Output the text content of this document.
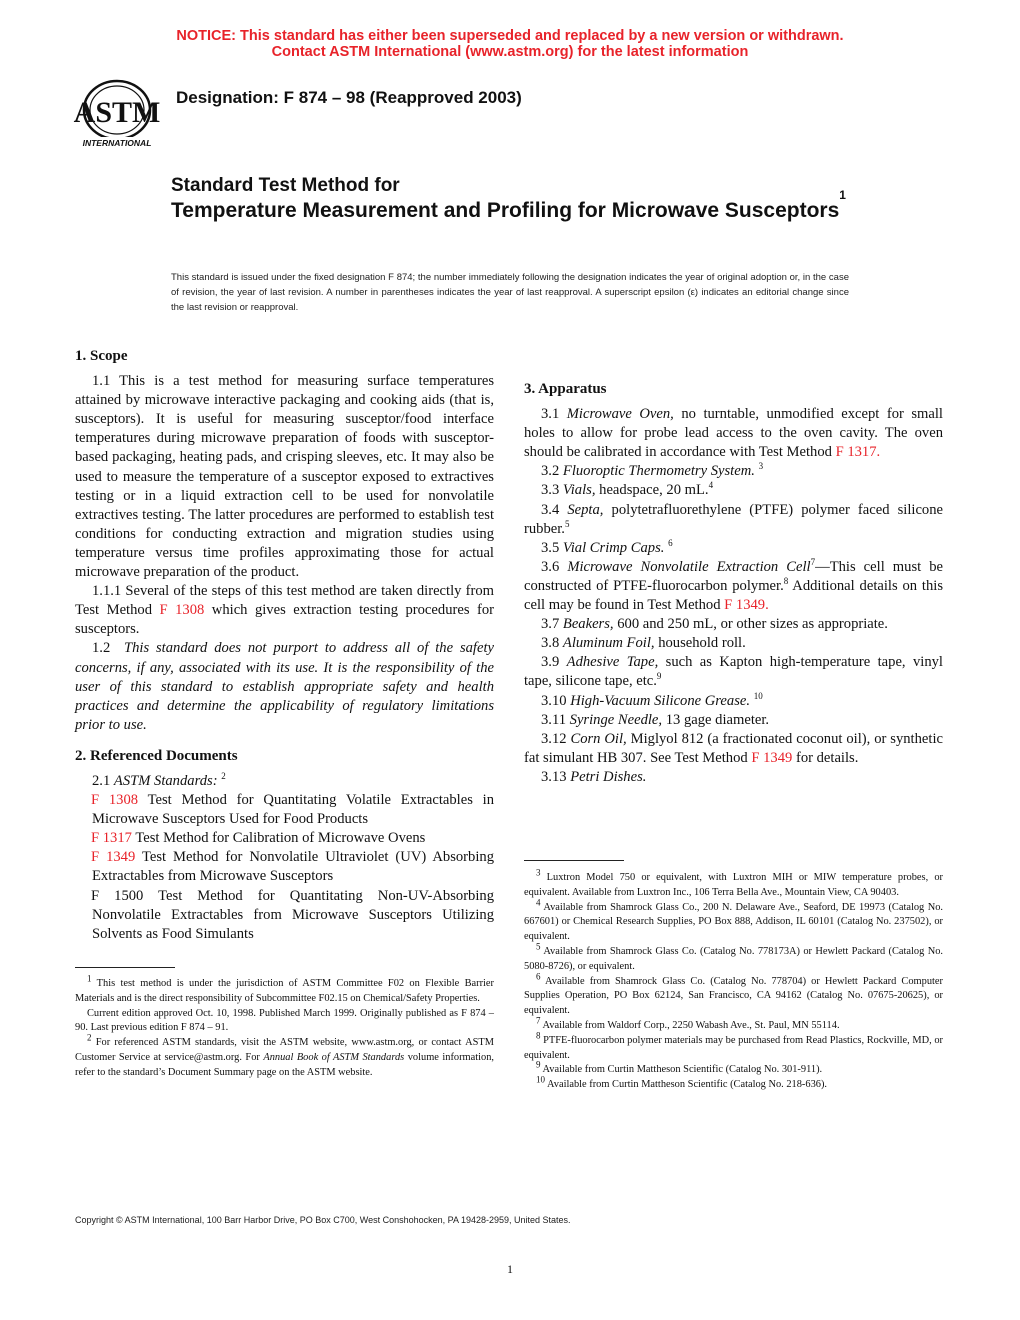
NOTICE: This standard has either been superseded and replaced by a new version or withdrawn.
Contact ASTM International (www.astm.org) for the latest information
ASTM
INTERNATIONAL
Designation: F 874 – 98 (Reapproved 2003)
Standard Test Method for
Temperature Measurement and Profiling for Microwave Susceptors$^1$
This standard is issued under the fixed designation F 874; the number immediately following the designation indicates the year of original adoption or, in the case of revision, the year of last revision. A number in parentheses indicates the year of last reapproval. A superscript epsilon (ε) indicates an editorial change since the last revision or reapproval.

1. Scope

1.1 This is a test method for measuring surface temperatures attained by microwave interactive packaging and cooking aids (that is, susceptors). It is useful for measuring susceptor/food interface temperatures during microwave preparation of foods with susceptor-based packaging, heating pads, and crisping sleeves, etc. It may also be used to measure the temperature of a susceptor exposed to extractives testing or in a liquid extraction cell to be used for nonvolatile extractives testing. The latter procedures are performed to establish test conditions for conducting extraction and migration studies using temperature versus time profiles approximating those for actual microwave preparation of the product.

1.1.1 Several of the steps of this test method are taken directly from Test Method F 1308 which gives extraction testing procedures for susceptors.

1.2 This standard does not purport to address all of the safety concerns, if any, associated with its use. It is the responsibility of the user of this standard to establish appropriate safety and health practices and determine the applicability of regulatory limitations prior to use.

2. Referenced Documents

2.1 ASTM Standards: $^2$

F 1308 Test Method for Quantitating Volatile Extractables in Microwave Susceptors Used for Food Products

F 1317 Test Method for Calibration of Microwave Ovens

F 1349 Test Method for Nonvolatile Ultraviolet (UV) Absorbing Extractables from Microwave Susceptors

F 1500 Test Method for Quantitating Non-UV-Absorbing Nonvolatile Extractables from Microwave Susceptors Utilizing Solvents as Food Simulants

$^1$ This test method is under the jurisdiction of ASTM Committee F02 on Flexible Barrier Materials and is the direct responsibility of Subcommittee F02.15 on Chemical/Safety Properties.

Current edition approved Oct. 10, 1998. Published March 1999. Originally published as F 874 – 90. Last previous edition F 874 – 91.

$^2$ For referenced ASTM standards, visit the ASTM website, www.astm.org, or contact ASTM Customer Service at service@astm.org. For Annual Book of ASTM Standards volume information, refer to the standard’s Document Summary page on the ASTM website.

3. Apparatus

3.1 Microwave Oven, no turntable, unmodified except for small holes to allow for probe lead access to the oven cavity. The oven should be calibrated in accordance with Test Method F 1317.

3.2 Fluoroptic Thermometry System. $^3$

3.3 Vials, headspace, 20 mL.$^4$

3.4 Septa, polytetrafluorethylene (PTFE) polymer faced silicone rubber.$^5$

3.5 Vial Crimp Caps. $^6$

3.6 Microwave Nonvolatile Extraction Cell$^7$—This cell must be constructed of PTFE-fluorocarbon polymer.$^8$ Additional details on this cell may be found in Test Method F 1349.

3.7 Beakers, 600 and 250 mL, or other sizes as appropriate.

3.8 Aluminum Foil, household roll.

3.9 Adhesive Tape, such as Kapton high-temperature tape, vinyl tape, silicone tape, etc.$^9$

3.10 High-Vacuum Silicone Grease. $^{10}$

3.11 Syringe Needle, 13 gage diameter.

3.12 Corn Oil, Miglyol 812 (a fractionated coconut oil), or synthetic fat simulant HB 307. See Test Method F 1349 for details.

3.13 Petri Dishes.

$^3$ Luxtron Model 750 or equivalent, with Luxtron MIH or MIW temperature probes, or equivalent. Available from Luxtron Inc., 106 Terra Bella Ave., Mountain View, CA 90403.

$^4$ Available from Shamrock Glass Co., 200 N. Delaware Ave., Seaford, DE 19973 (Catalog No. 667601) or Chemical Research Supplies, PO Box 888, Addison, IL 60101 (Catalog No. 237502), or equivalent.

$^5$ Available from Shamrock Glass Co. (Catalog No. 778173A) or Hewlett Packard (Catalog No. 5080-8726), or equivalent.

$^6$ Available from Shamrock Glass Co. (Catalog No. 778704) or Hewlett Packard Computer Supplies Operation, PO Box 62124, San Francisco, CA 94162 (Catalog No. 07675-20625), or equivalent.

$^7$ Available from Waldorf Corp., 2250 Wabash Ave., St. Paul, MN 55114.

$^8$ PTFE-fluorocarbon polymer materials may be purchased from Read Plastics, Rockville, MD, or equivalent.

$^9$ Available from Curtin Mattheson Scientific (Catalog No. 301-911).

$^{10}$ Available from Curtin Mattheson Scientific (Catalog No. 218-636).

Copyright © ASTM International, 100 Barr Harbor Drive, PO Box C700, West Conshohocken, PA 19428-2959, United States.
1
